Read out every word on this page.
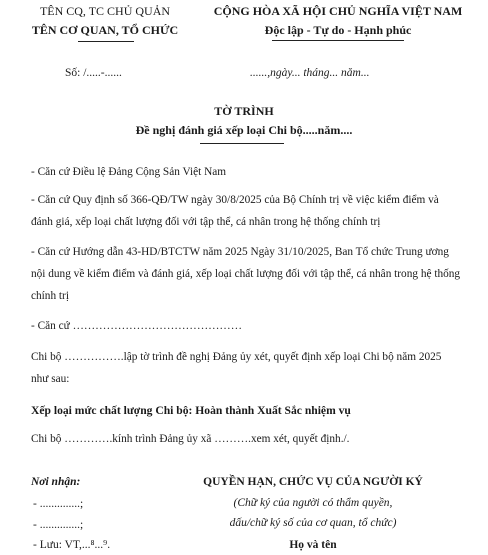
TÊN CQ, TC CHỦ QUẢN
TÊN CƠ QUAN, TỔ CHỨC
CỘNG HÒA XÃ HỘI CHỦ NGHĨA VIỆT NAM
Độc lập - Tự do - Hạnh phúc
Số: /.....-......	......,ngày... tháng... năm...
TỜ TRÌNH
Đề nghị đánh giá xếp loại Chi bộ.....năm....
- Căn cứ Điều lệ Đảng Cộng Sản Việt Nam
- Căn cứ Quy định số 366-QĐ/TW ngày 30/8/2025 của Bộ Chính trị về việc kiểm điểm và đánh giá, xếp loại chất lượng đối với tập thể, cá nhân trong hệ thống chính trị
- Căn cứ Hướng dẫn 43-HD/BTCTW năm 2025 Ngày 31/10/2025, Ban Tổ chức Trung ương nội dung về kiểm điểm và đánh giá, xếp loại chất lượng đối với tập thể, cá nhân trong hệ thống chính trị
- Căn cứ ………………………………………
Chi bộ …………….lập tờ trình đề nghị Đảng ủy xét, quyết định xếp loại Chi bộ năm 2025 như sau:
Xếp loại mức chất lượng Chi bộ: Hoàn thành Xuất Sắc nhiệm vụ
Chi bộ ………….kính trình Đảng ủy xã ……….xem xét, quyết định./.
Nơi nhận:
- ..............;
- ..............;
- Lưu: VT,...⁸...⁹.
QUYỀN HẠN, CHỨC VỤ CỦA NGƯỜI KÝ
(Chữ ký của người có thẩm quyền,
dấu/chữ ký số của cơ quan, tổ chức)
Họ và tên
